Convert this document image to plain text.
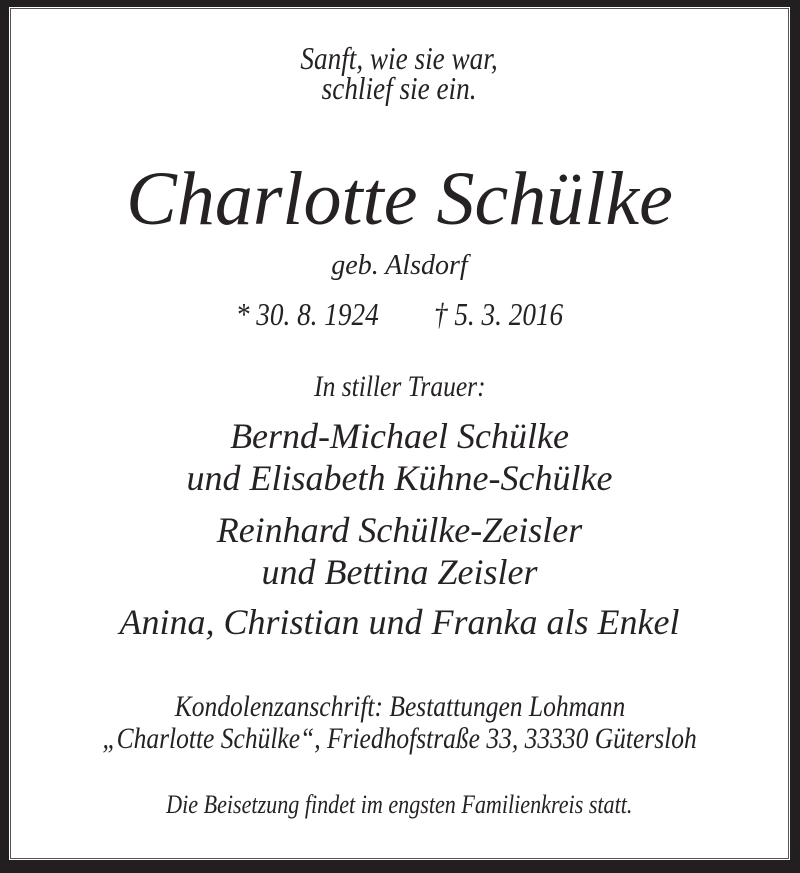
Sanft, wie sie war,
schlief sie ein.
Charlotte Schülke
geb. Alsdorf
* 30. 8. 1924 † 5. 3. 2016
In stiller Trauer:
Bernd-Michael Schülke
und Elisabeth Kühne-Schülke
Reinhard Schülke-Zeisler
und Bettina Zeisler
Anina, Christian und Franka als Enkel
Kondolenzanschrift: Bestattungen Lohmann
„Charlotte Schülke“, Friedhofstraße 33, 33330 Gütersloh
Die Beisetzung findet im engsten Familienkreis statt.
